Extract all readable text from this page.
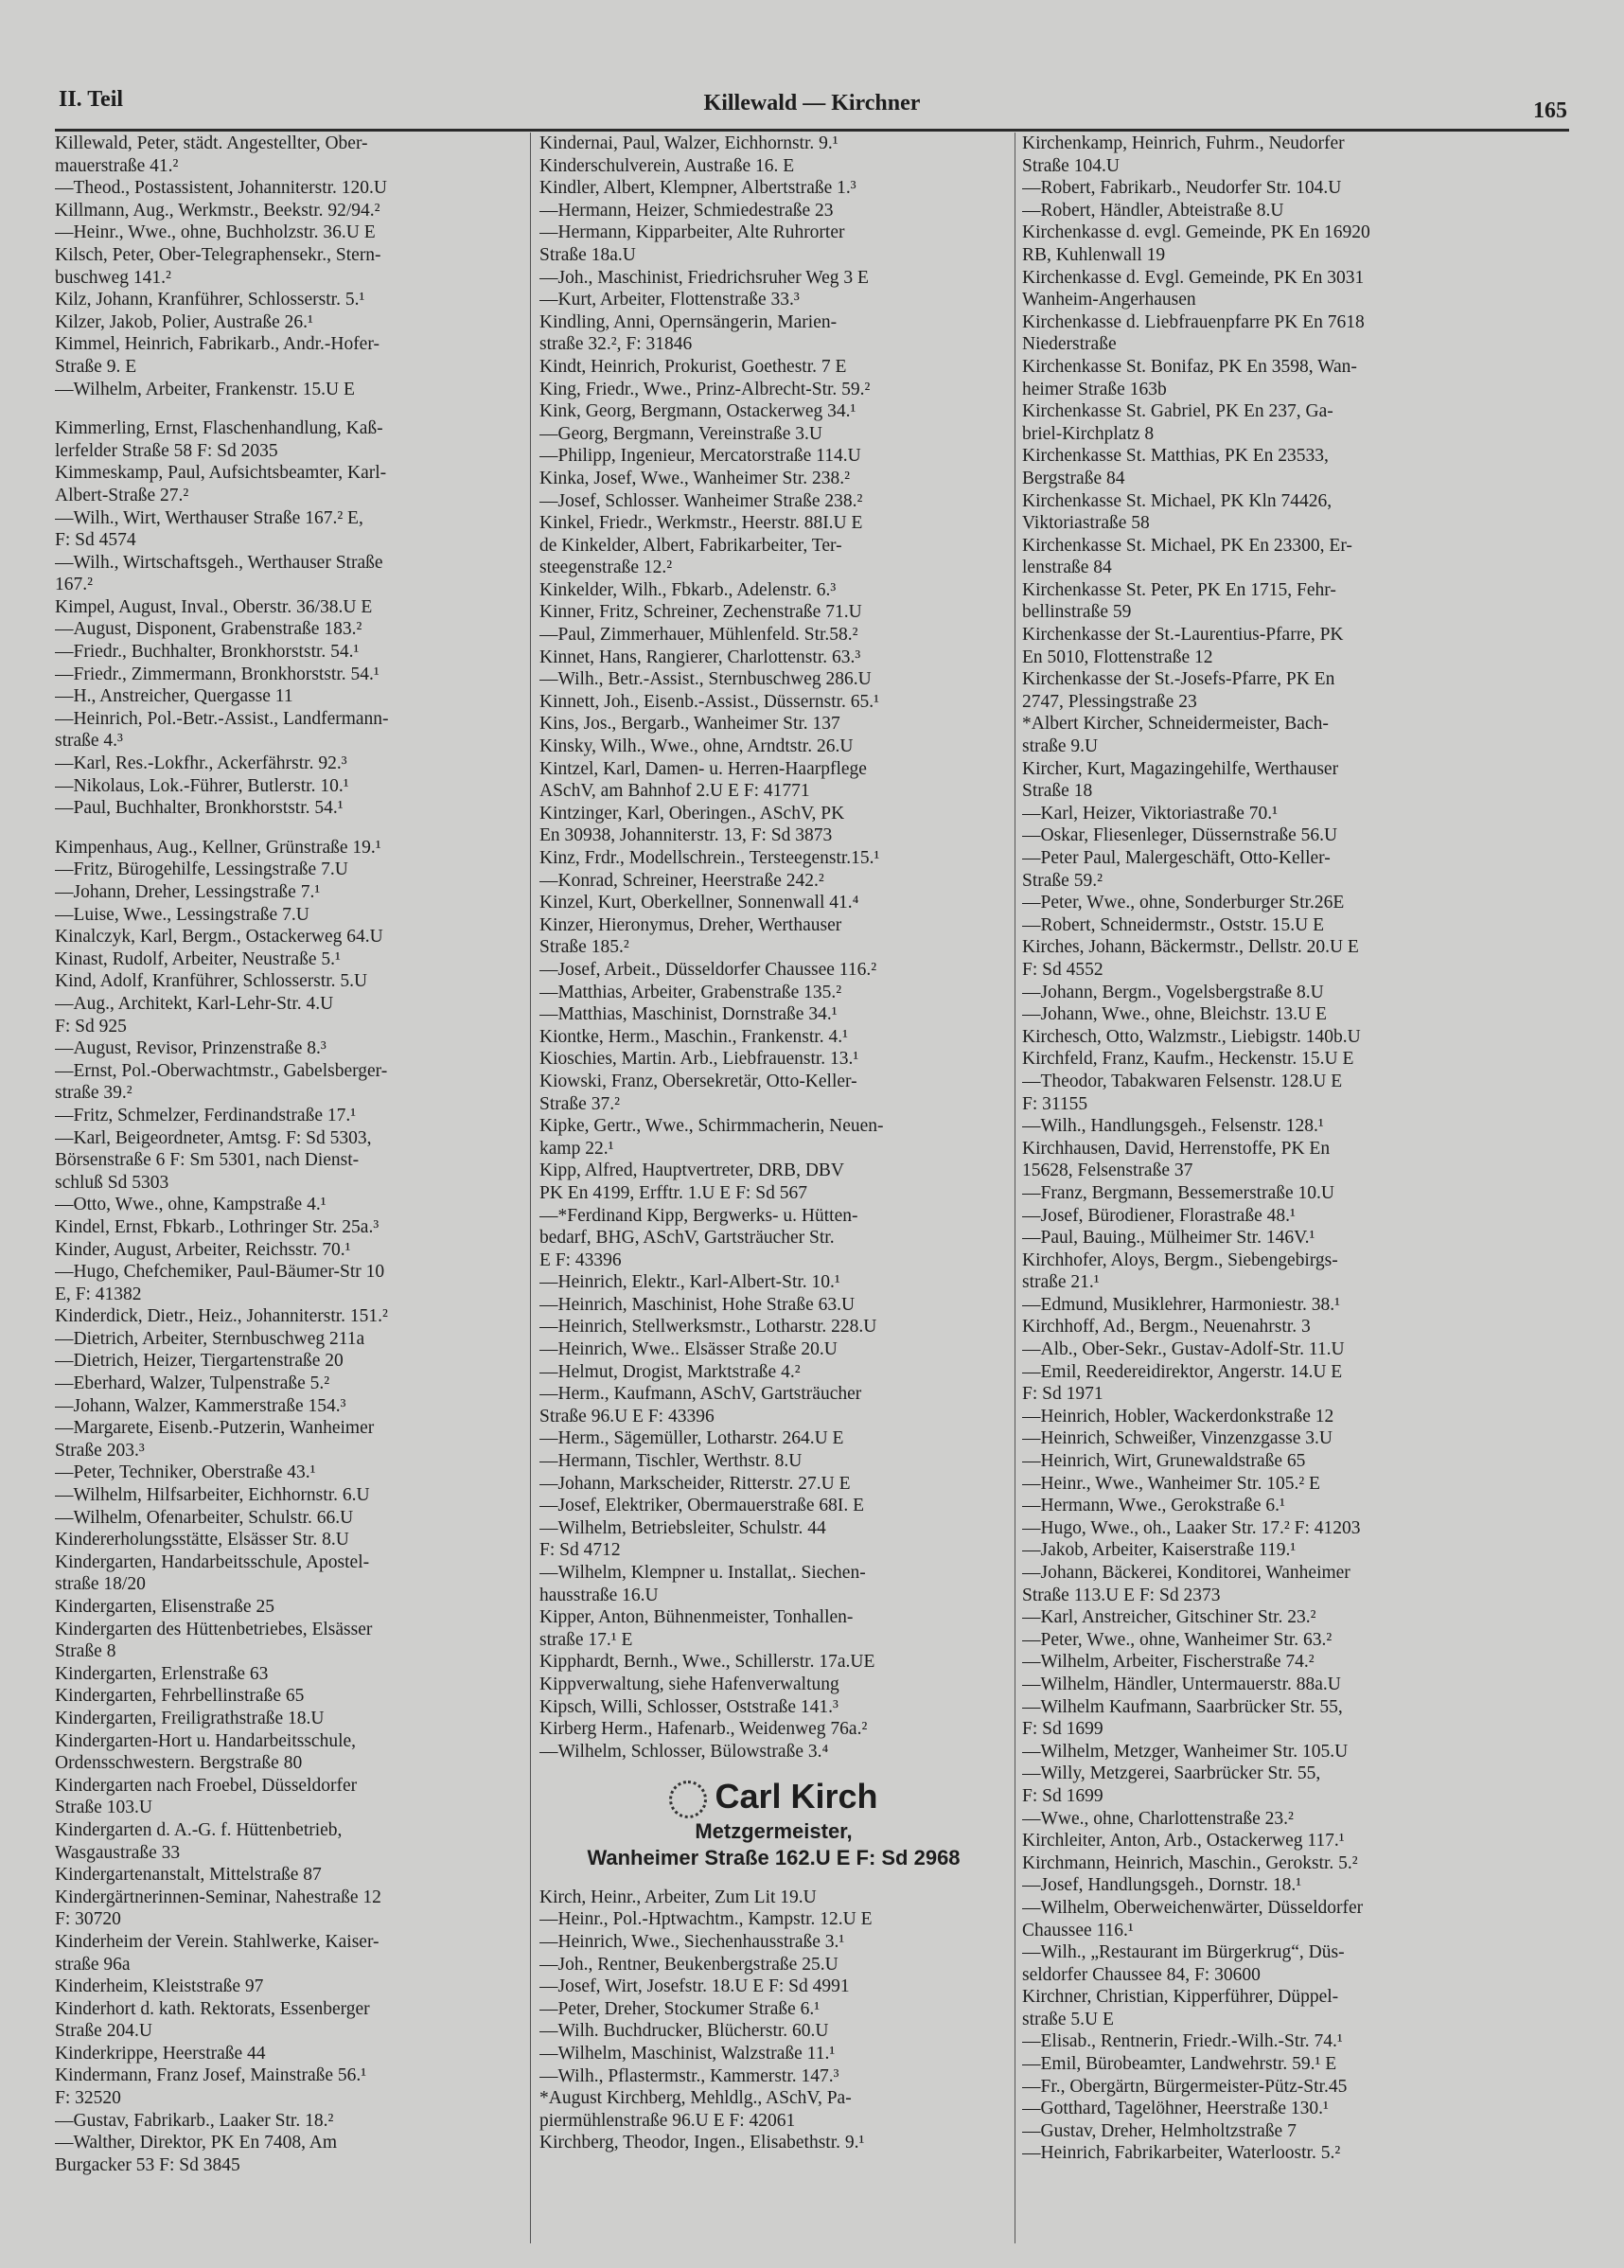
II. Teil	Killewald — Kirchner	165
Killewald, Peter, städt. Angestellter, Ober-
mauerstraße 41.²
—Theod., Postassistent, Johanniterstr. 120.U
Killmann, Aug., Werkmstr., Beekstr. 92/94.²
—Heinr., Wwe., ohne, Buchholzstr. 36.U E
Kilsch, Peter, Ober-Telegraphensekr., Stern-
buschweg 141.²
Kilz, Johann, Kranführer, Schlosserstr. 5.¹
Kilzer, Jakob, Polier, Austraße 26.¹
Kimmel, Heinrich, Fabrikarb., Andr.-Hofer-
Straße 9. E
—Wilhelm, Arbeiter, Frankenstr. 15.U E
Kimmerling, Ernst, Flaschenhandlung, Kaß-
lerfelder Straße 58 F: Sd 2035
Kimmeskamp, Paul, Aufsichtsbeamter, Karl-
Albert-Straße 27.²
—Wilh., Wirt, Werthauser Straße 167.² E,
F: Sd 4574
—Wilh., Wirtschaftsgeh., Werthauser Straße
167.²
Kimpel, August, Inval., Oberstr. 36/38.U E
—August, Disponent, Grabenstraße 183.²
—Friedr., Buchhalter, Bronkhorststr. 54.¹
—Friedr., Zimmermann, Bronkhorststr. 54.¹
—H., Anstreicher, Quergasse 11
—Heinrich, Pol.-Betr.-Assist., Landfermann-
straße 4.³
—Karl, Res.-Lokfhr., Ackerfährstr. 92.³
—Nikolaus, Lok.-Führer, Butlerstr. 10.¹
—Paul, Buchhalter, Bronkhorststr. 54.¹
Kimpenhaus, Aug., Kellner, Grünstraße 19.¹
—Fritz, Bürogehilfe, Lessingstraße 7.U
—Johann, Dreher, Lessingstraße 7.¹
—Luise, Wwe., Lessingstraße 7.U
Kinalczyk, Karl, Bergm., Ostackerweg 64.U
Kinast, Rudolf, Arbeiter, Neustraße 5.¹
Kind, Adolf, Kranführer, Schlosserstr. 5.U
—Aug., Architekt, Karl-Lehr-Str. 4.U
F: Sd 925
—August, Revisor, Prinzenstraße 8.³
—Ernst, Pol.-Oberwachtmstr., Gabelsberger-
straße 39.²
—Fritz, Schmelzer, Ferdinandstraße 17.¹
—Karl, Beigeordneter, Amtsg. F: Sd 5303,
Börsenstraße 6 F: Sm 5301, nach Dienst-
schluß Sd 5303
—Otto, Wwe., ohne, Kampstraße 4.¹
Kindel, Ernst, Fbkarb., Lothringer Str. 25a.³
Kinder, August, Arbeiter, Reichsstr. 70.¹
—Hugo, Chefchemiker, Paul-Bäumer-Str 10
E, F: 41382
Kinderdick, Dietr., Heiz., Johanniterstr. 151.²
—Dietrich, Arbeiter, Sternbuschweg 211a
—Dietrich, Heizer, Tiergartenstraße 20
—Eberhard, Walzer, Tulpenstraße 5.²
—Johann, Walzer, Kammerstraße 154.³
—Margarete, Eisenb.-Putzerin, Wanheimer
Straße 203.³
—Peter, Techniker, Oberstraße 43.¹
—Wilhelm, Hilfsarbeiter, Eichhornstr. 6.U
—Wilhelm, Ofenarbeiter, Schulstr. 66.U
Kindererholungsstätte, Elsässer Str. 8.U
Kindergarten, Handarbeitsschule, Apostel-
straße 18/20
Kindergarten, Elisenstraße 25
Kindergarten des Hüttenbetriebes, Elsässer
Straße 8
Kindergarten, Erlenstraße 63
Kindergarten, Fehrbellinstraße 65
Kindergarten, Freiligrathstraße 18.U
Kindergarten-Hort u. Handarbeitsschule,
Ordensschwestern. Bergstraße 80
Kindergarten nach Froebel, Düsseldorfer
Straße 103.U
Kindergarten d. A.-G. f. Hüttenbetrieb,
Wasgaustraße 33
Kindergartenanstalt, Mittelstraße 87
Kindergärtnerinnen-Seminar, Nahestraße 12
F: 30720
Kinderheim der Verein. Stahlwerke, Kaiser-
straße 96a
Kinderheim, Kleiststraße 97
Kinderhort d. kath. Rektorats, Essenberger
Straße 204.U
Kinderkrippe, Heerstraße 44
Kindermann, Franz Josef, Mainstraße 56.¹
F: 32520
—Gustav, Fabrikarb., Laaker Str. 18.²
—Walther, Direktor, PK En 7408, Am
Burgacker 53 F: Sd 3845
Kindernai, Paul, Walzer, Eichhornstr. 9.¹
Kinderschulverein, Austraße 16. E
Kindler, Albert, Klempner, Albertstraße 1.³
—Hermann, Heizer, Schmiedestraße 23
—Hermann, Kipparbeiter, Alte Ruhrorter
Straße 18a.U
—Joh., Maschinist, Friedrichsruher Weg 3 E
—Kurt, Arbeiter, Flottenstraße 33.³
Kindling, Anni, Opernsängerin, Marien-
straße 32.², F: 31846
Kindt, Heinrich, Prokurist, Goethestr. 7 E
King, Friedr., Wwe., Prinz-Albrecht-Str. 59.²
Kink, Georg, Bergmann, Ostackerweg 34.¹
—Georg, Bergmann, Vereinstraße 3.U
—Philipp, Ingenieur, Mercatorstraße 114.U
Kinka, Josef, Wwe., Wanheimer Str. 238.²
—Josef, Schlosser. Wanheimer Straße 238.²
Kinkel, Friedr., Werkmstr., Heerstr. 88I.U E
de Kinkelder, Albert, Fabrikarbeiter, Ter-
steegenstraße 12.²
Kinkelder, Wilh., Fbkarb., Adelenstr. 6.³
Kinner, Fritz, Schreiner, Zechenstraße 71.U
—Paul, Zimmerhauer, Mühlenfeld. Str.58.²
Kinnet, Hans, Rangierer, Charlottenstr. 63.³
—Wilh., Betr.-Assist., Sternbuschweg 286.U
Kinnett, Joh., Eisenb.-Assist., Düssernstr. 65.¹
Kins, Jos., Bergarb., Wanheimer Str. 137
Kinsky, Wilh., Wwe., ohne, Arndtstr. 26.U
Kintzel, Karl, Damen- u. Herren-Haarpflege
ASchV, am Bahnhof 2.U E F: 41771
Kintzinger, Karl, Oberingen., ASchV, PK
En 30938, Johanniterstr. 13, F: Sd 3873
Kinz, Frdr., Modellschrein., Tersteegenstr.15.¹
—Konrad, Schreiner, Heerstraße 242.²
Kinzel, Kurt, Oberkellner, Sonnenwall 41.⁴
Kinzer, Hieronymus, Dreher, Werthauser
Straße 185.²
—Josef, Arbeit., Düsseldorfer Chaussee 116.²
—Matthias, Arbeiter, Grabenstraße 135.²
—Matthias, Maschinist, Dornstraße 34.¹
Kiontke, Herm., Maschin., Frankenstr. 4.¹
Kioschies, Martin. Arb., Liebfrauenstr. 13.¹
Kiowski, Franz, Obersekretär, Otto-Keller-
Straße 37.²
Kipke, Gertr., Wwe., Schirmmacherin, Neuen-
kamp 22.¹
Kipp, Alfred, Hauptvertreter, DRB, DBV
PK En 4199, Erfftr. 1.U E F: Sd 567
—*Ferdinand Kipp, Bergwerks- u. Hütten-
bedarf, BHG, ASchV, Gartsträucher Str.
E F: 43396
—Heinrich, Elektr., Karl-Albert-Str. 10.¹
—Heinrich, Maschinist, Hohe Straße 63.U
—Heinrich, Stellwerksmstr., Lotharstr. 228.U
—Heinrich, Wwe.. Elsässer Straße 20.U
—Helmut, Drogist, Marktstraße 4.²
—Herm., Kaufmann, ASchV, Gartsträucher
Straße 96.U E F: 43396
—Herm., Sägemüller, Lotharstr. 264.U E
—Hermann, Tischler, Werthstr. 8.U
—Johann, Markscheider, Ritterstr. 27.U E
—Josef, Elektriker, Obermauerstraße 68I. E
—Wilhelm, Betriebsleiter, Schulstr. 44
F: Sd 4712
—Wilhelm, Klempner u. Installat,. Siechen-
hausstraße 16.U
Kipper, Anton, Bühnenmeister, Tonhallen-
straße 17.¹ E
Kipphardt, Bernh., Wwe., Schillerstr. 17a.UE
Kippverwaltung, siehe Hafenverwaltung
Kipsch, Willi, Schlosser, Oststraße 141.³
Kirberg Herm., Hafenarb., Weidenweg 76a.²
—Wilhelm, Schlosser, Bülowstraße 3.⁴
Carl Kirch
Metzgermeister,
Wanheimer Straße 162.U E F: Sd 2968
Kirch, Heinr., Arbeiter, Zum Lit 19.U
—Heinr., Pol.-Hptwachtm., Kampstr. 12.U E
—Heinrich, Wwe., Siechenhausstraße 3.¹
—Joh., Rentner, Beukenbergstraße 25.U
—Josef, Wirt, Josefstr. 18.U E F: Sd 4991
—Peter, Dreher, Stockumer Straße 6.¹
—Wilh. Buchdrucker, Blücherstr. 60.U
—Wilhelm, Maschinist, Walzstraße 11.¹
—Wilh., Pflastermstr., Kammerstr. 147.³
*August Kirchberg, Mehldlg., ASchV, Pa-
piermühlenstraße 96.U E F: 42061
Kirchberg, Theodor, Ingen., Elisabethstr. 9.¹
Kirchenkamp, Heinrich, Fuhrm., Neudorfer
Straße 104.U
—Robert, Fabrikarb., Neudorfer Str. 104.U
—Robert, Händler, Abteistraße 8.U
Kirchenkasse d. evgl. Gemeinde, PK En 16920
RB, Kuhlenwall 19
Kirchenkasse d. Evgl. Gemeinde, PK En 3031
Wanheim-Angerhausen
Kirchenkasse d. Liebfrauenpfarre PK En 7618
Niederstraße
Kirchenkasse St. Bonifaz, PK En 3598, Wan-
heimer Straße 163b
Kirchenkasse St. Gabriel, PK En 237, Ga-
briel-Kirchplatz 8
Kirchenkasse St. Matthias, PK En 23533,
Bergstraße 84
Kirchenkasse St. Michael, PK Kln 74426,
Viktoriastraße 58
Kirchenkasse St. Michael, PK En 23300, Er-
lenstraße 84
Kirchenkasse St. Peter, PK En 1715, Fehr-
bellinstraße 59
Kirchenkasse der St.-Laurentius-Pfarre, PK
En 5010, Flottenstraße 12
Kirchenkasse der St.-Josefs-Pfarre, PK En
2747, Plessingstraße 23
*Albert Kircher, Schneidermeister, Bach-
straße 9.U
Kircher, Kurt, Magazingehilfe, Werthauser
Straße 18
—Karl, Heizer, Viktoriastraße 70.¹
—Oskar, Fliesenleger, Düssernstraße 56.U
—Peter Paul, Malergeschäft, Otto-Keller-
Straße 59.²
—Peter, Wwe., ohne, Sonderburger Str.26E
—Robert, Schneidermstr., Oststr. 15.U E
Kirches, Johann, Bäckermstr., Dellstr. 20.U E
F: Sd 4552
—Johann, Bergm., Vogelsbergstraße 8.U
—Johann, Wwe., ohne, Bleichstr. 13.U E
Kirchesch, Otto, Walzmstr., Liebigstr. 140b.U
Kirchfeld, Franz, Kaufm., Heckenstr. 15.U E
—Theodor, Tabakwaren Felsenstr. 128.U E
F: 31155
—Wilh., Handlungsgeh., Felsenstr. 128.¹
Kirchhausen, David, Herrenstoffe, PK En
15628, Felsenstraße 37
—Franz, Bergmann, Bessemerstraße 10.U
—Josef, Bürodiener, Florastraße 48.¹
—Paul, Bauing., Mülheimer Str. 146V.¹
Kirchhofer, Aloys, Bergm., Siebengebirgs-
straße 21.¹
—Edmund, Musiklehrer, Harmoniestr. 38.¹
Kirchhoff, Ad., Bergm., Neuenahrstr. 3
—Alb., Ober-Sekr., Gustav-Adolf-Str. 11.U
—Emil, Reedereidirektor, Angerstr. 14.U E
F: Sd 1971
—Heinrich, Hobler, Wackerdonkstraße 12
—Heinrich, Schweißer, Vinzenzgasse 3.U
—Heinrich, Wirt, Grunewaldstraße 65
—Heinr., Wwe., Wanheimer Str. 105.² E
—Hermann, Wwe., Gerokstraße 6.¹
—Hugo, Wwe., oh., Laaker Str. 17.² F: 41203
—Jakob, Arbeiter, Kaiserstraße 119.¹
—Johann, Bäckerei, Konditorei, Wanheimer
Straße 113.U E F: Sd 2373
—Karl, Anstreicher, Gitschiner Str. 23.²
—Peter, Wwe., ohne, Wanheimer Str. 63.²
—Wilhelm, Arbeiter, Fischerstraße 74.²
—Wilhelm, Händler, Untermauerstr. 88a.U
—Wilhelm Kaufmann, Saarbrücker Str. 55,
F: Sd 1699
—Wilhelm, Metzger, Wanheimer Str. 105.U
—Willy, Metzgerei, Saarbrücker Str. 55,
F: Sd 1699
—Wwe., ohne, Charlottenstraße 23.²
Kirchleiter, Anton, Arb., Ostackerweg 117.¹
Kirchmann, Heinrich, Maschin., Gerokstr. 5.²
—Josef, Handlungsgeh., Dornstr. 18.¹
—Wilhelm, Oberweichenwärter, Düsseldorfer
Chaussee 116.¹
—Wilh., „Restaurant im Bürgerkrug“, Düs-
seldorfer Chaussee 84, F: 30600
Kirchner, Christian, Kipperführer, Düppel-
straße 5.U E
—Elisab., Rentnerin, Friedr.-Wilh.-Str. 74.¹
—Emil, Bürobeamter, Landwehrstr. 59.¹ E
—Fr., Obergärtn, Bürgermeister-Pütz-Str.45
—Gotthard, Tagelöhner, Heerstraße 130.¹
—Gustav, Dreher, Helmholtzstraße 7
—Heinrich, Fabrikarbeiter, Waterloostr. 5.²
